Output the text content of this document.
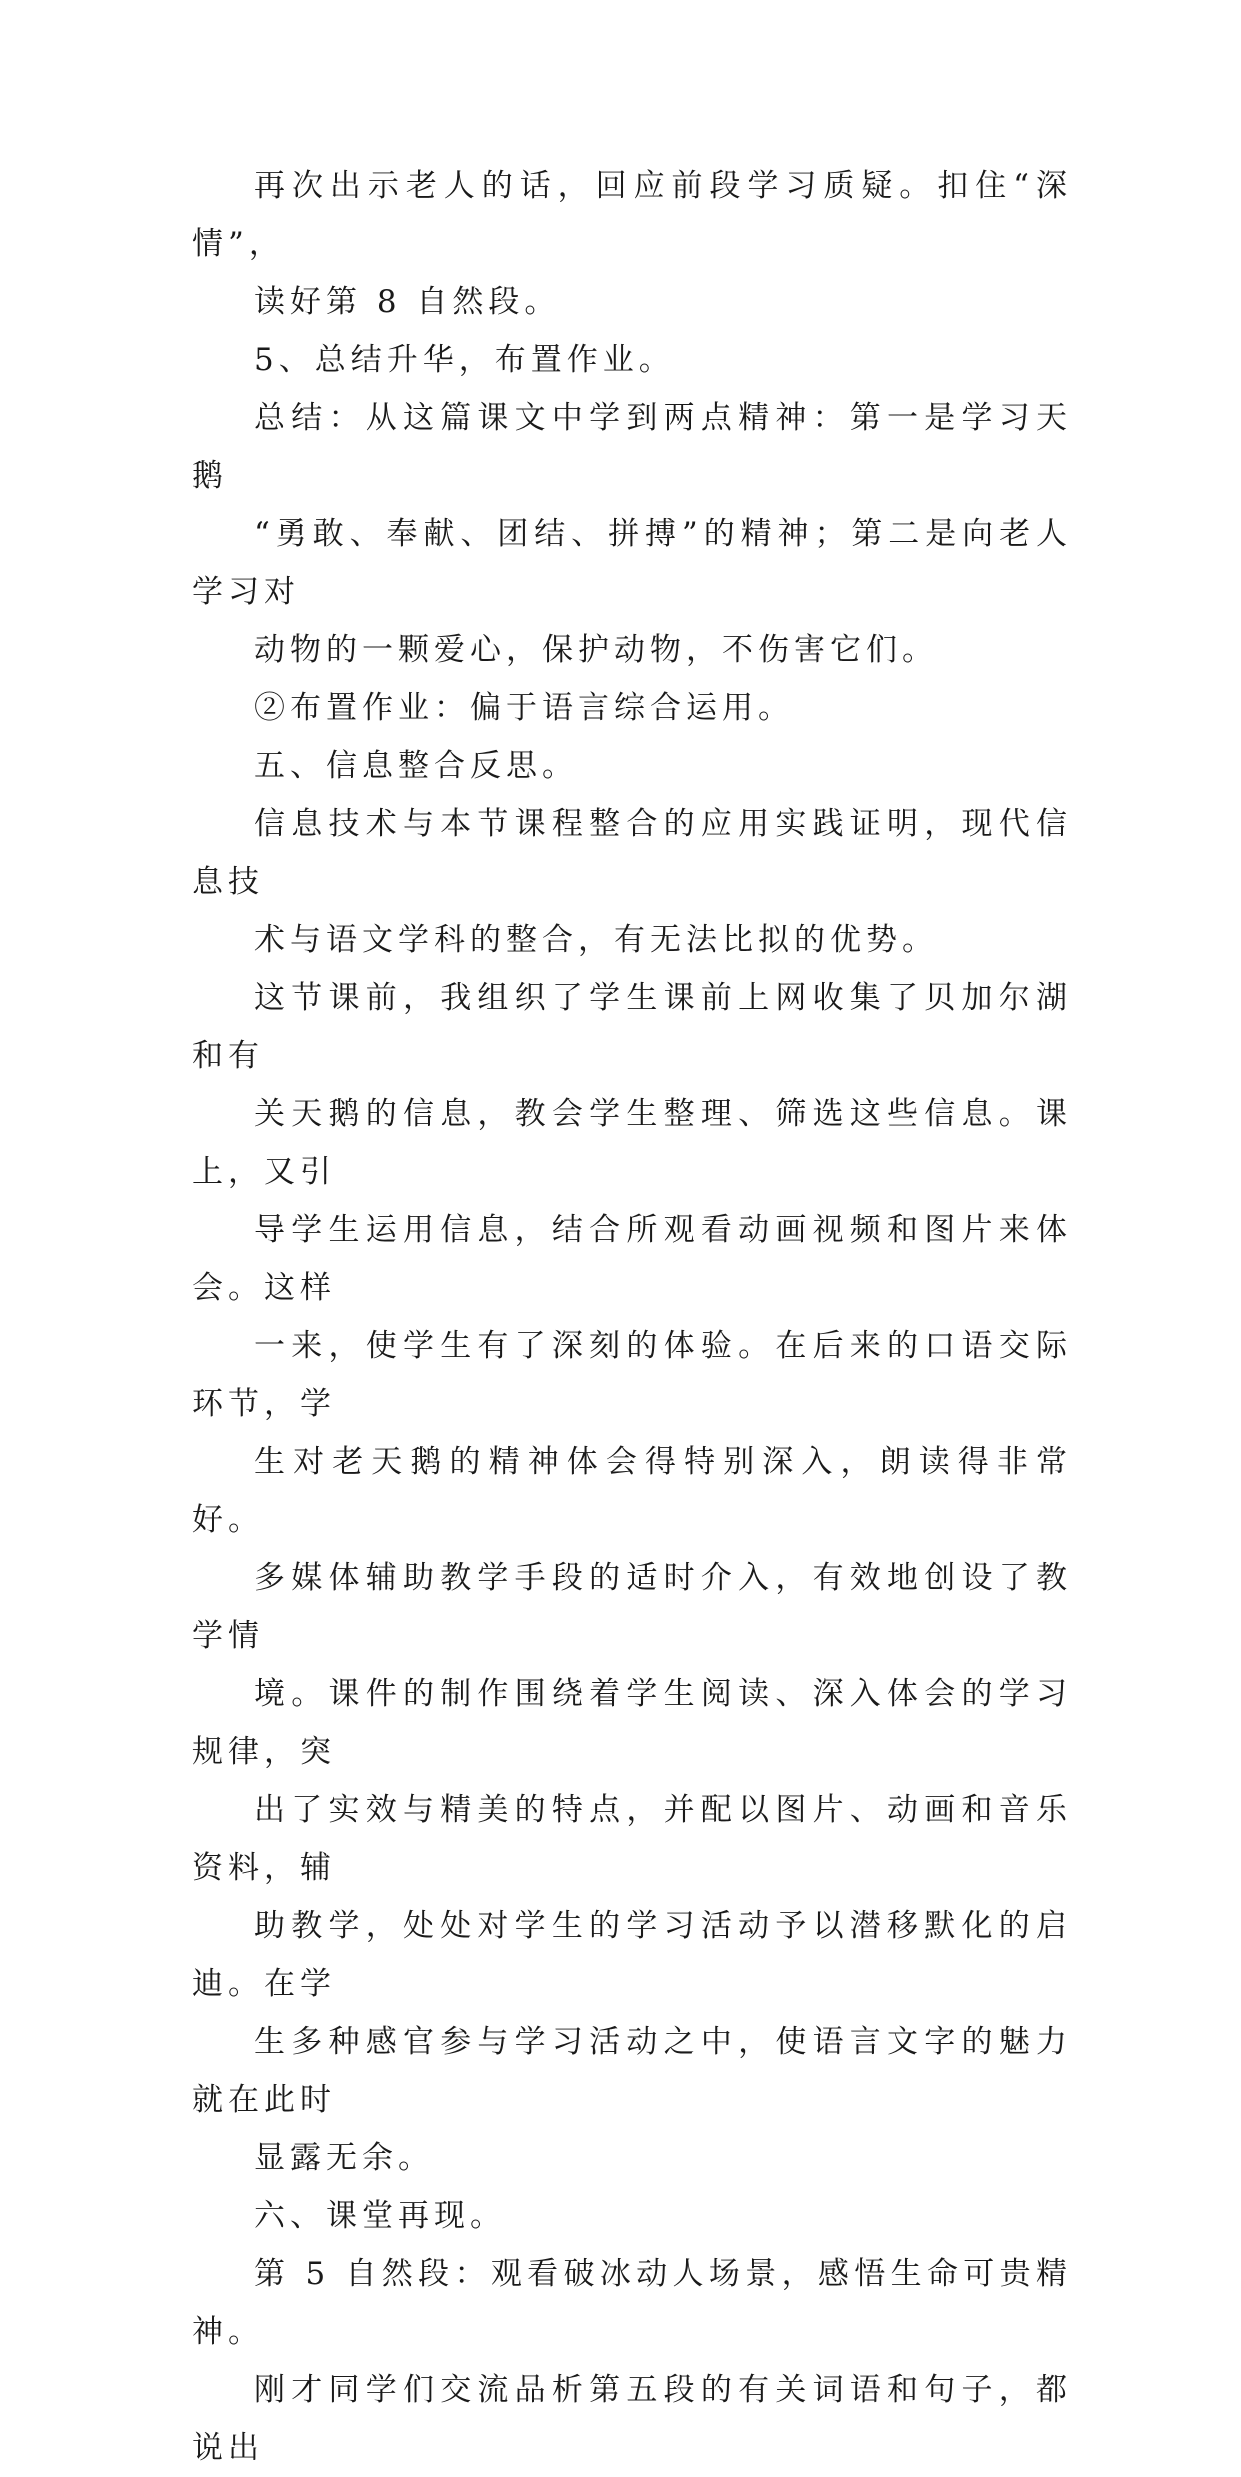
再次出示老人的话，回应前段学习质疑。扣住“深情”，
读好第 8 自然段。

5、总结升华，布置作业。

总结：从这篇课文中学到两点精神：第一是学习天鹅
“勇敢、奉献、团结、拼搏”的精神；第二是向老人学习对
动物的一颗爱心，保护动物，不伤害它们。

②布置作业：偏于语言综合运用。

五、信息整合反思。

信息技术与本节课程整合的应用实践证明，现代信息技
术与语文学科的整合，有无法比拟的优势。

这节课前，我组织了学生课前上网收集了贝加尔湖和有
关天鹅的信息，教会学生整理、筛选这些信息。课上，又引
导学生运用信息，结合所观看动画视频和图片来体会。这样
一来，使学生有了深刻的体验。在后来的口语交际环节，学
生对老天鹅的精神体会得特别深入，朗读得非常好。

多媒体辅助教学手段的适时介入，有效地创设了教学情
境。课件的制作围绕着学生阅读、深入体会的学习规律，突
出了实效与精美的特点，并配以图片、动画和音乐资料，辅
助教学，处处对学生的学习活动予以潜移默化的启迪。在学
生多种感官参与学习活动之中，使语言文字的魅力就在此时
显露无余。

六、课堂再现。

第 5 自然段：观看破冰动人场景，感悟生命可贵精神。

刚才同学们交流品析第五段的有关词语和句子，都说出
